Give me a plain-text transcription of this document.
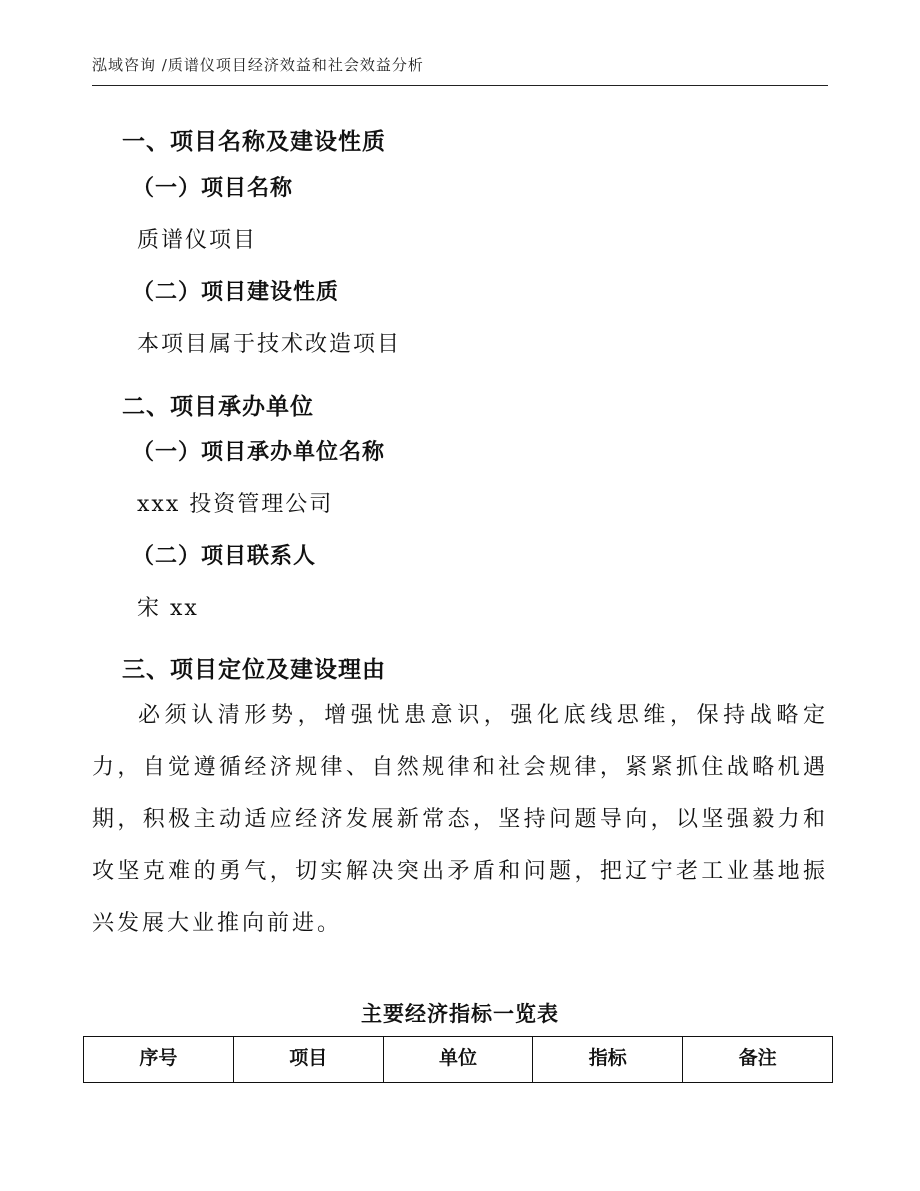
泓域咨询 /质谱仪项目经济效益和社会效益分析
一、项目名称及建设性质
（一）项目名称
质谱仪项目
（二）项目建设性质
本项目属于技术改造项目
二、项目承办单位
（一）项目承办单位名称
xxx 投资管理公司
（二）项目联系人
宋 xx
三、项目定位及建设理由

必须认清形势，增强忧患意识，强化底线思维，保持战略定力，自觉遵循经济规律、自然规律和社会规律，紧紧抓住战略机遇期，积极主动适应经济发展新常态，坚持问题导向，以坚强毅力和攻坚克难的勇气，切实解决突出矛盾和问题，把辽宁老工业基地振兴发展大业推向前进。

主要经济指标一览表
序号	项目	单位	指标	备注
